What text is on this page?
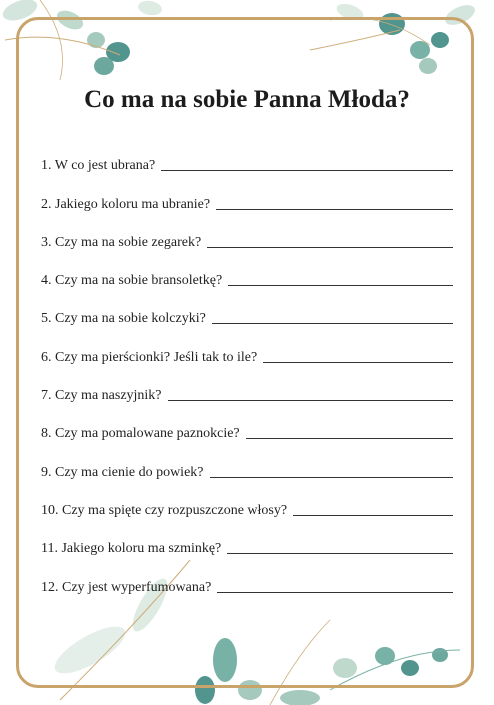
Co ma na sobie Panna Młoda?
1. W co jest ubrana?
2. Jakiego koloru ma ubranie?
3. Czy ma na sobie zegarek?
4. Czy ma na sobie bransoletkę?
5. Czy ma na sobie kolczyki?
6. Czy ma pierścionki? Jeśli tak to ile?
7. Czy ma naszyjnik?
8. Czy ma pomalowane paznokcie?
9. Czy ma cienie do powiek?
10. Czy ma spięte czy rozpuszczone włosy?
11. Jakiego koloru ma szminkę?
12. Czy jest wyperfumowana?
